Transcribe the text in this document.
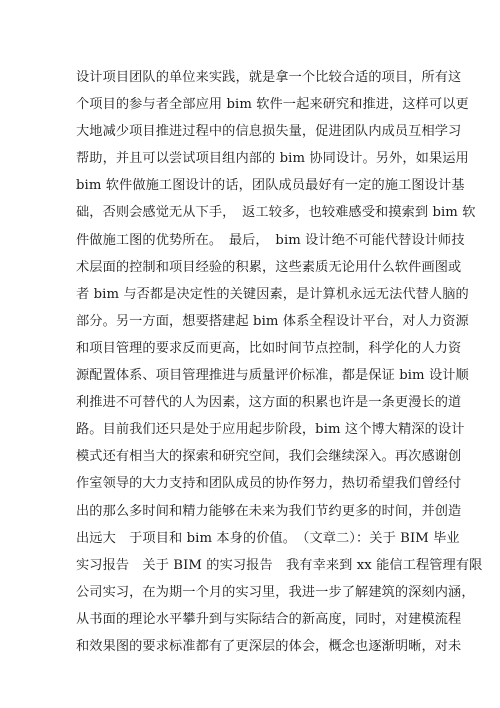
设计项目团队的单位来实践，就是拿一个比较合适的项目，所有这
个项目的参与者全部应用 bim 软件一起来研究和推进，这样可以更
大地减少项目推进过程中的信息损失量，促进团队内成员互相学习
帮助，并且可以尝试项目组内部的 bim 协同设计。另外，如果运用
bim 软件做施工图设计的话，团队成员最好有一定的施工图设计基
础，否则会感觉无从下手，　返工较多，也较难感受和摸索到 bim 软
件做施工图的优势所在。　最后，　bim 设计绝不可能代替设计师技
术层面的控制和项目经验的积累，这些素质无论用什么软件画图或
者 bim 与否都是决定性的关键因素，是计算机永远无法代替人脑的
部分。另一方面，想要搭建起 bim 体系全程设计平台，对人力资源
和项目管理的要求反而更高，比如时间节点控制，科学化的人力资
源配置体系、项目管理推进与质量评价标准，都是保证 bim 设计顺
利推进不可替代的人为因素，这方面的积累也许是一条更漫长的道
路。目前我们还只是处于应用起步阶段，bim 这个博大精深的设计
模式还有相当大的探索和研究空间，我们会继续深入。再次感谢创
作室领导的大力支持和团队成员的协作努力，热切希望我们曾经付
出的那么多时间和精力能够在未来为我们节约更多的时间，并创造
出远大　于项目和 bim 本身的价值。　（文章二）：关于 BIM 毕业
实习报告　关于 BIM 的实习报告　我有幸来到 xx 能信工程管理有限
公司实习，在为期一个月的实习里，我进一步了解建筑的深刻内涵，
从书面的理论水平攀升到与实际结合的新高度，同时，对建模流程
和效果图的要求标准都有了更深层的体会，概念也逐渐明晰，对未
